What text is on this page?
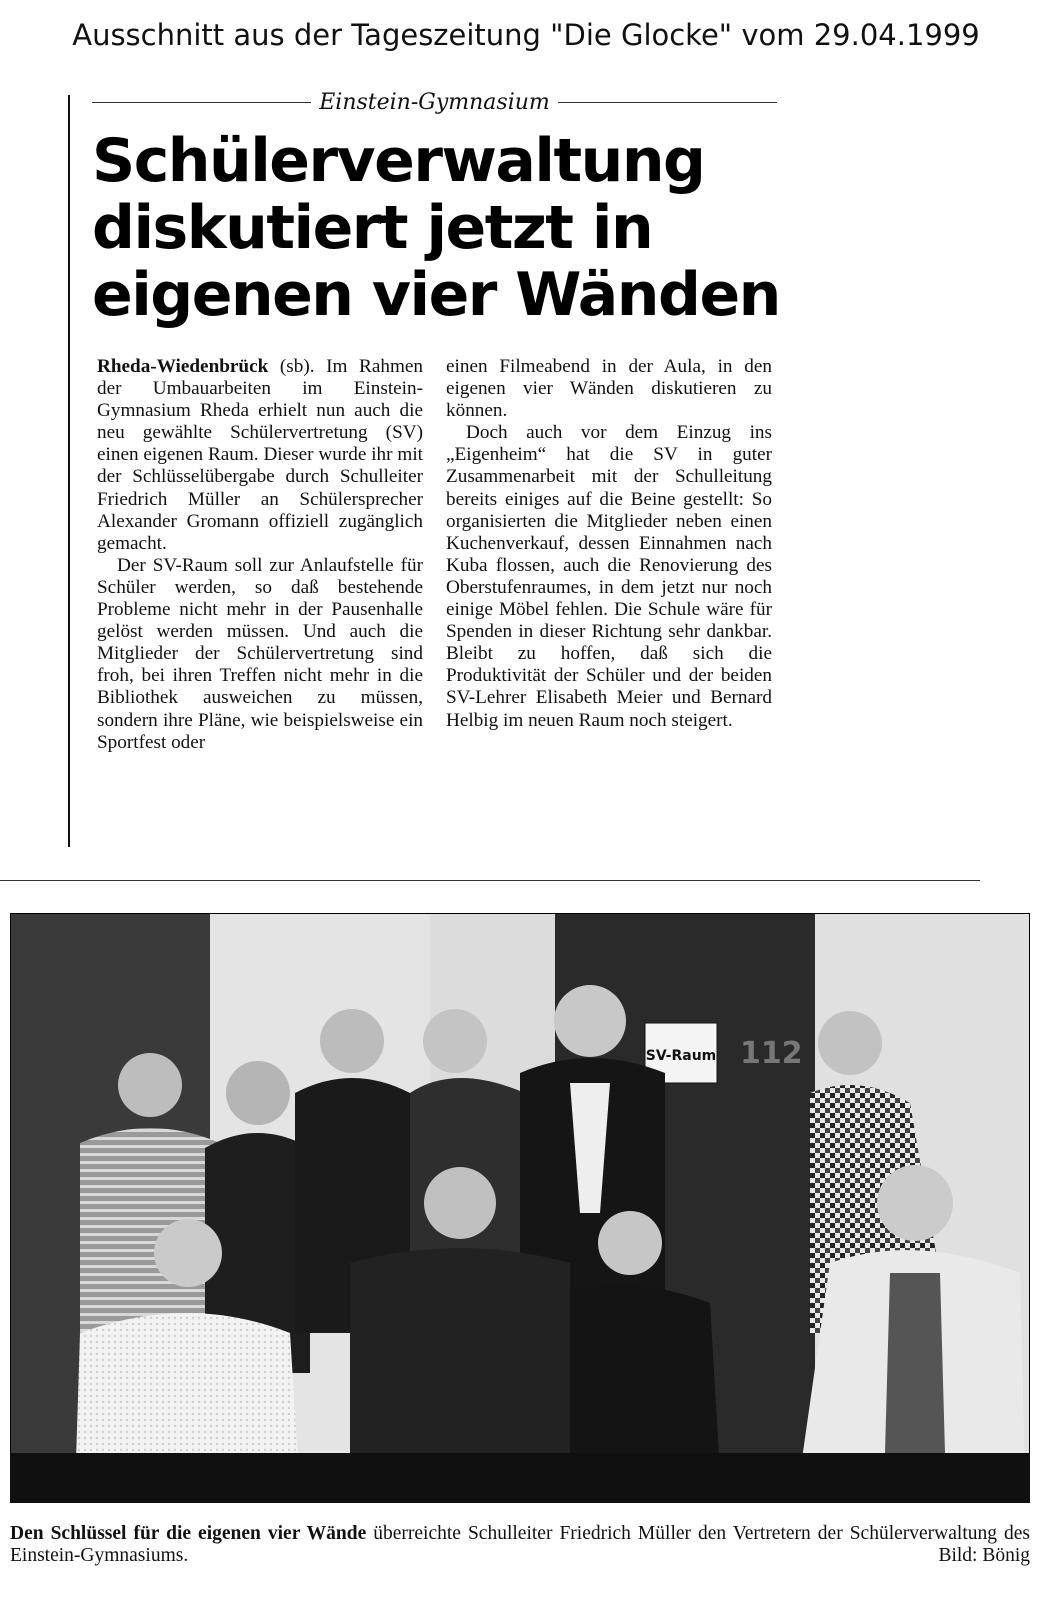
Ausschnitt aus der Tageszeitung "Die Glocke" vom 29.04.1999
Einstein-Gymnasium
Schülerverwaltung
diskutiert jetzt in
eigenen vier Wänden

Rheda-Wiedenbrück (sb). Im Rahmen der Umbauarbeiten im Einstein-Gymnasium Rheda erhielt nun auch die neu gewählte Schülervertretung (SV) einen eigenen Raum. Dieser wurde ihr mit der Schlüsselübergabe durch Schulleiter Friedrich Müller an Schülersprecher Alexander Gromann offiziell zugänglich gemacht.

Der SV-Raum soll zur Anlaufstelle für Schüler werden, so daß bestehende Probleme nicht mehr in der Pausenhalle gelöst werden müssen. Und auch die Mitglieder der Schülervertretung sind froh, bei ihren Treffen nicht mehr in die Bibliothek ausweichen zu müssen, sondern ihre Pläne, wie beispielsweise ein Sportfest oder

einen Filmeabend in der Aula, in den eigenen vier Wänden diskutieren zu können.

Doch auch vor dem Einzug ins „Eigenheim“ hat die SV in guter Zusammenarbeit mit der Schulleitung bereits einiges auf die Beine gestellt: So organisierten die Mitglieder neben einen Kuchenverkauf, dessen Einnahmen nach Kuba flossen, auch die Renovierung des Oberstufenraumes, in dem jetzt nur noch einige Möbel fehlen. Die Schule wäre für Spenden in dieser Richtung sehr dankbar. Bleibt zu hoffen, daß sich die Produktivität der Schüler und der beiden SV-Lehrer Elisabeth Meier und Bernard Helbig im neuen Raum noch steigert.

SV-Raum 112
Den Schlüssel für die eigenen vier Wände überreichte Schulleiter Friedrich Müller den Vertretern der Schülerverwaltung des Einstein-Gymnasiums.	Bild: Bönig
